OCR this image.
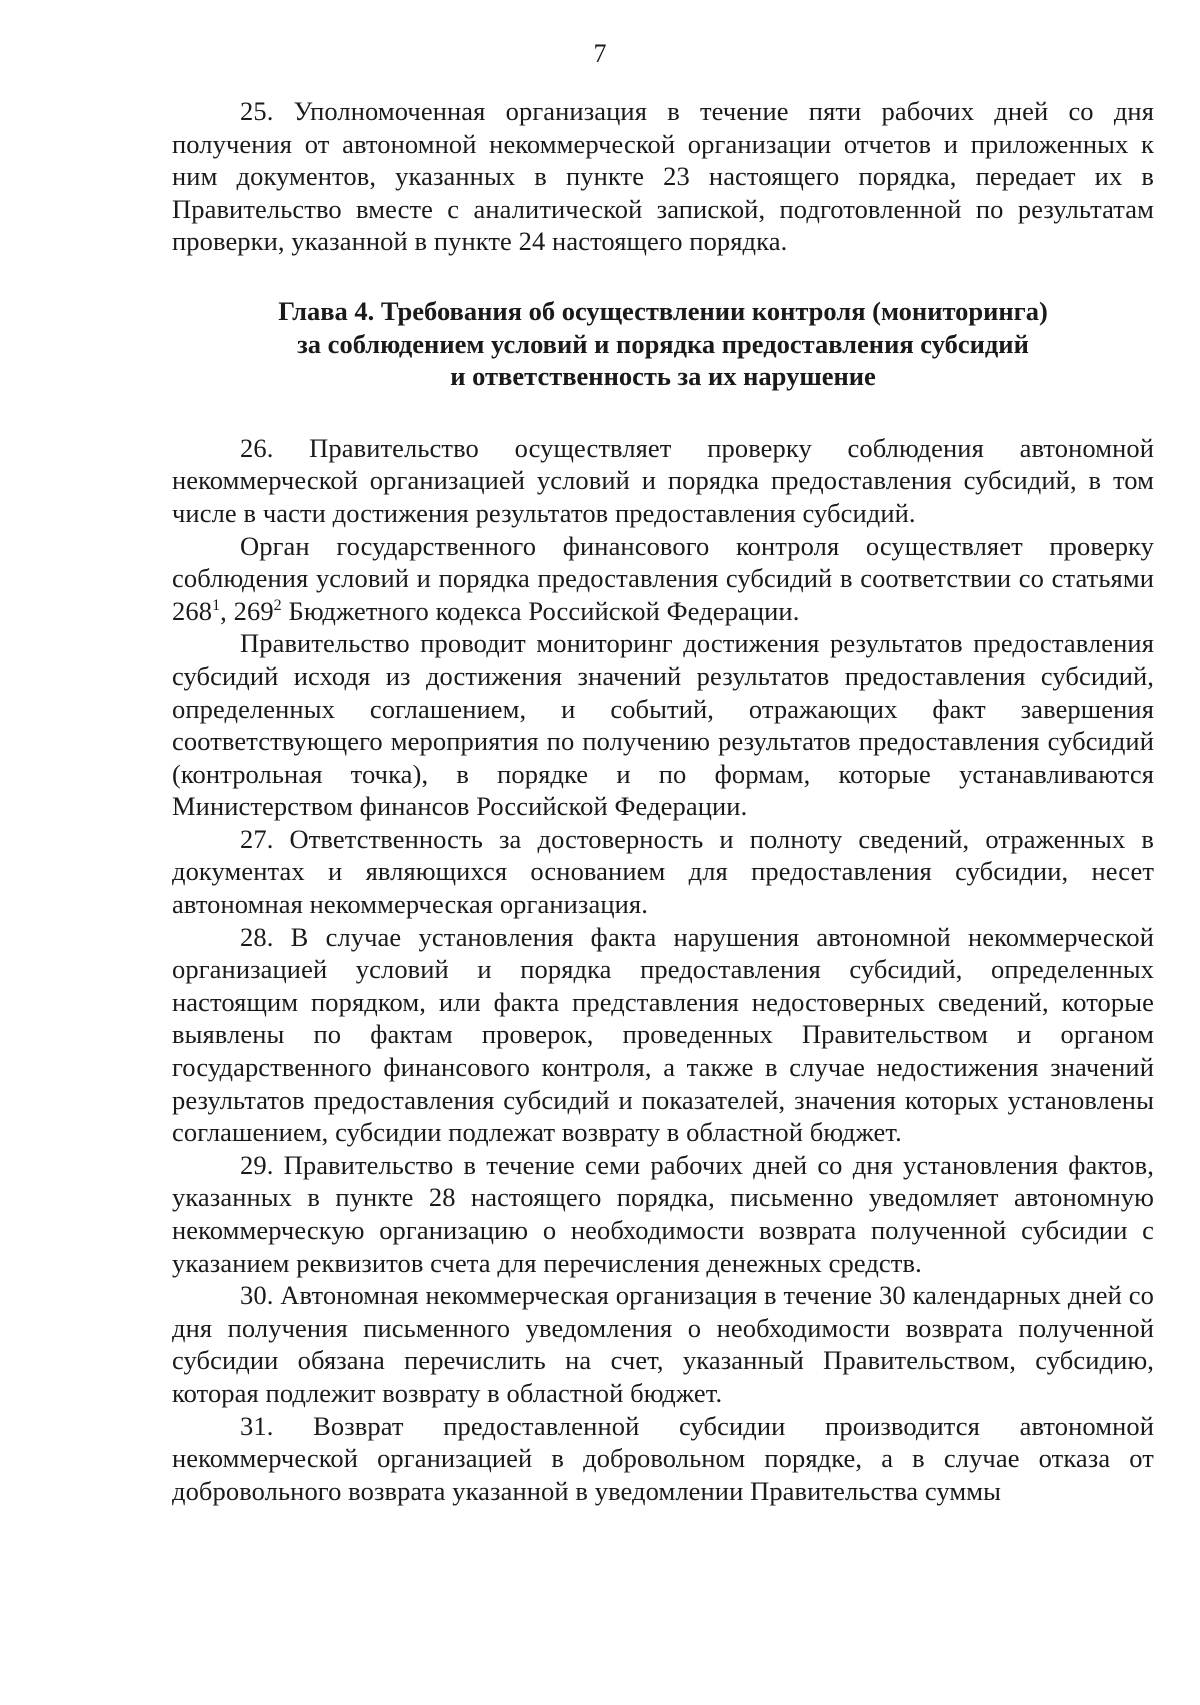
7

25. Уполномоченная организация в течение пяти рабочих дней со дня получения от автономной некоммерческой организации отчетов и приложенных к ним документов, указанных в пункте 23 настоящего порядка, передает их в Правительство вместе с аналитической запиской, подготовленной по результатам проверки, указанной в пункте 24 настоящего порядка.

Глава 4. Требования об осуществлении контроля (мониторинга)
за соблюдением условий и порядка предоставления субсидий
и ответственность за их нарушение

26. Правительство осуществляет проверку соблюдения автономной некоммерческой организацией условий и порядка предоставления субсидий, в том числе в части достижения результатов предоставления субсидий.

Орган государственного финансового контроля осуществляет проверку соблюдения условий и порядка предоставления субсидий в соответствии со статьями $268^1$, $269^2$ Бюджетного кодекса Российской Федерации.

Правительство проводит мониторинг достижения результатов предоставления субсидий исходя из достижения значений результатов предоставления субсидий, определенных соглашением, и событий, отражающих факт завершения соответствующего мероприятия по получению результатов предоставления субсидий (контрольная точка), в порядке и по формам, которые устанавливаются Министерством финансов Российской Федерации.

27. Ответственность за достоверность и полноту сведений, отраженных в документах и являющихся основанием для предоставления субсидии, несет автономная некоммерческая организация.

28. В случае установления факта нарушения автономной некоммерческой организацией условий и порядка предоставления субсидий, определенных настоящим порядком, или факта представления недостоверных сведений, которые выявлены по фактам проверок, проведенных Правительством и органом государственного финансового контроля, а также в случае недостижения значений результатов предоставления субсидий и показателей, значения которых установлены соглашением, субсидии подлежат возврату в областной бюджет.

29. Правительство в течение семи рабочих дней со дня установления фактов, указанных в пункте 28 настоящего порядка, письменно уведомляет автономную некоммерческую организацию о необходимости возврата полученной субсидии с указанием реквизитов счета для перечисления денежных средств.

30. Автономная некоммерческая организация в течение 30 календарных дней со дня получения письменного уведомления о необходимости возврата полученной субсидии обязана перечислить на счет, указанный Правительством, субсидию, которая подлежит возврату в областной бюджет.

31. Возврат предоставленной субсидии производится автономной некоммерческой организацией в добровольном порядке, а в случае отказа от добровольного возврата указанной в уведомлении Правительства суммы
